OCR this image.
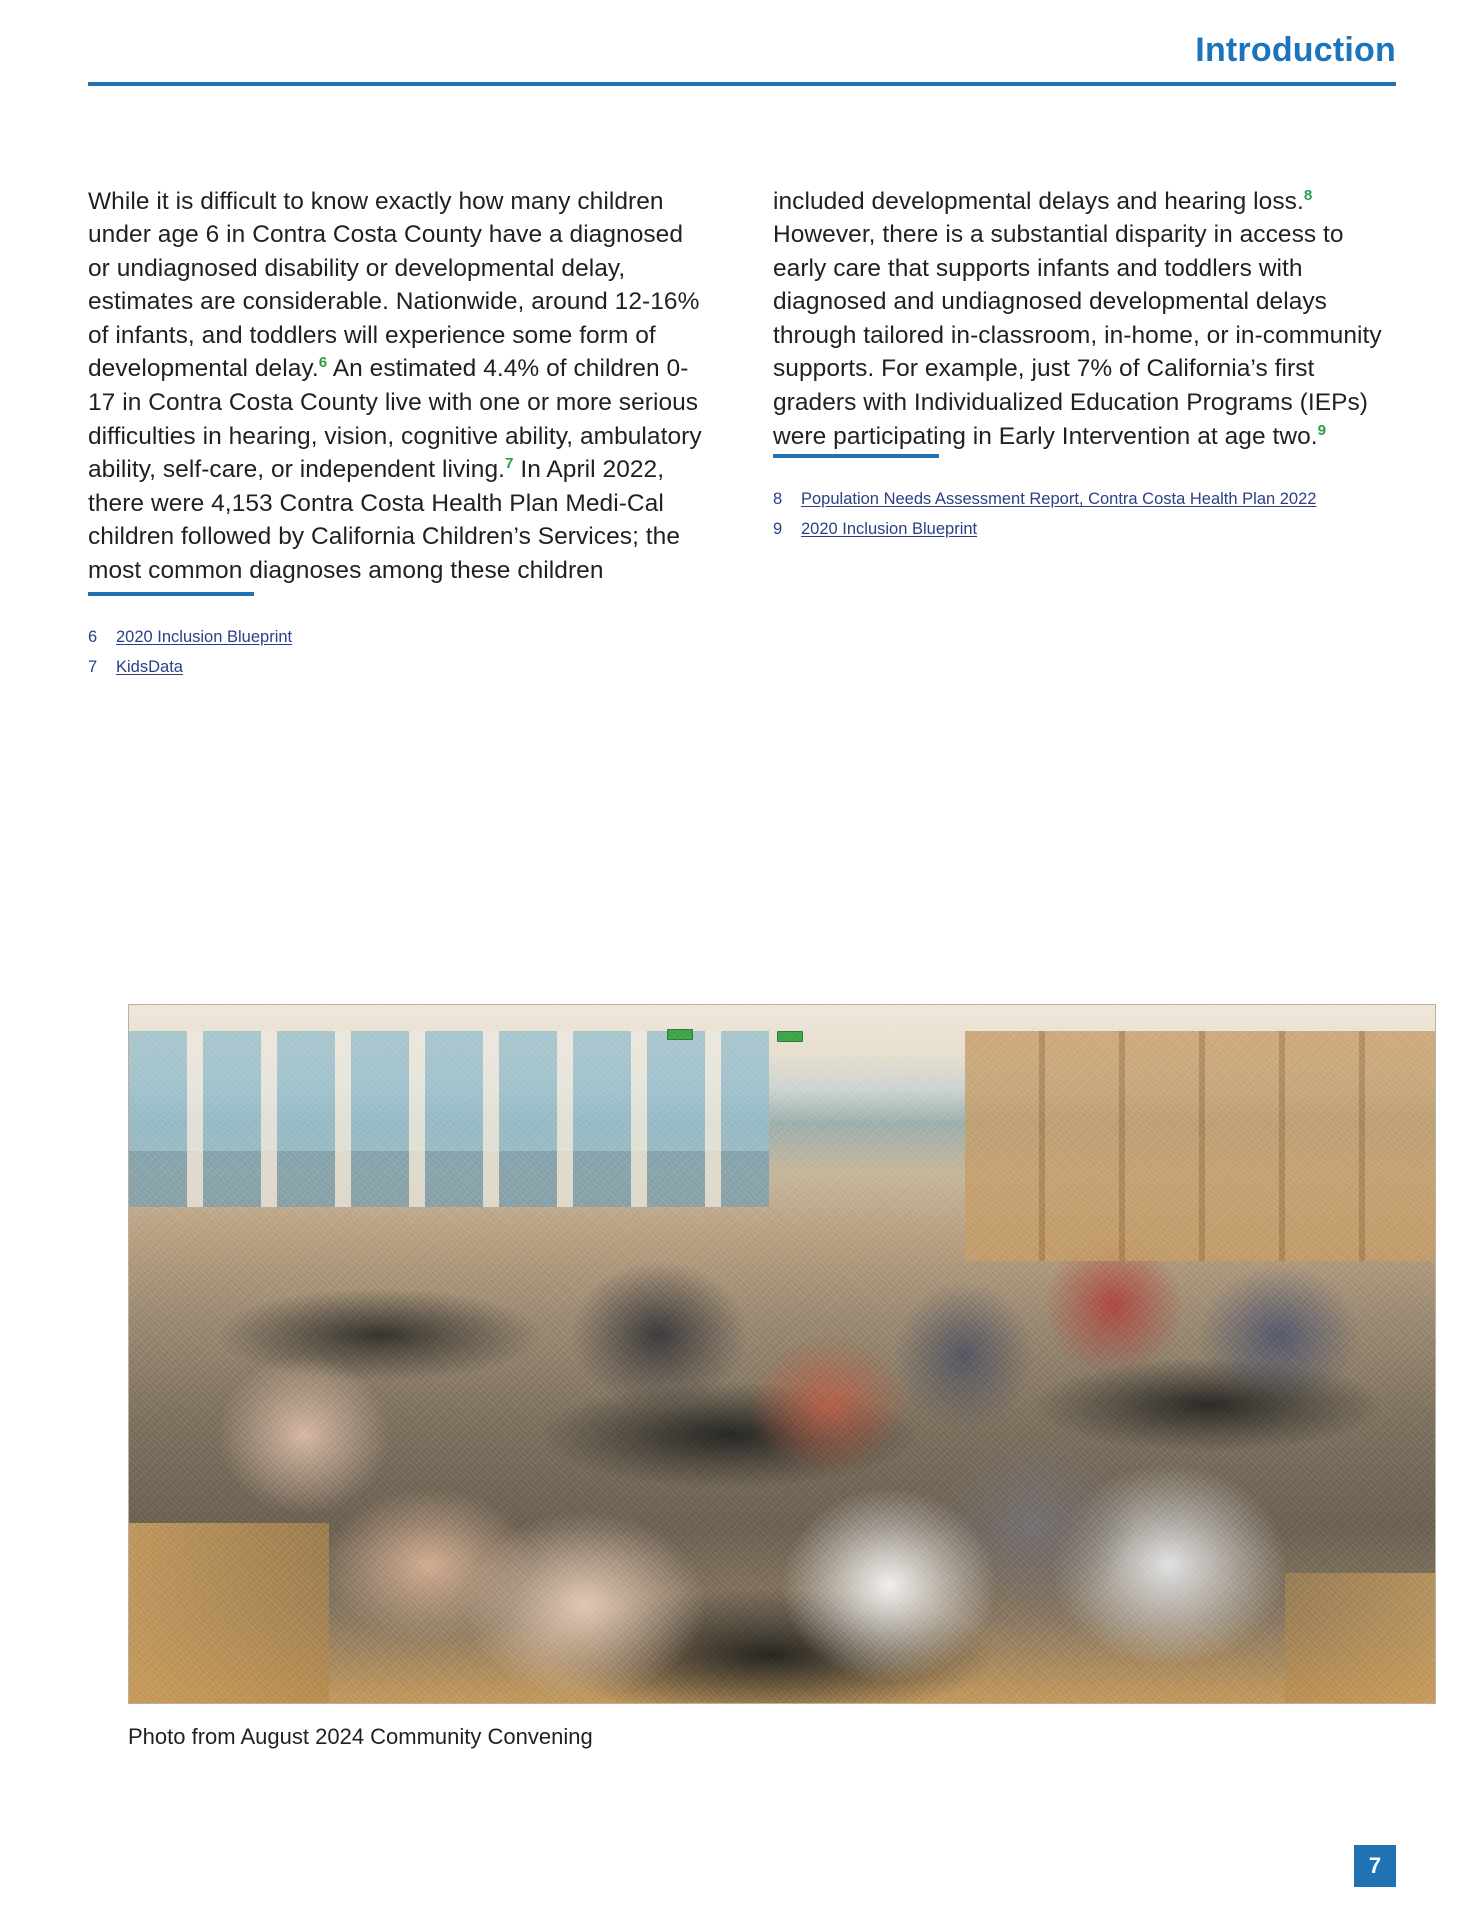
Introduction

While it is difficult to know exactly how many children under age 6 in Contra Costa County have a diagnosed or undiagnosed disability or developmental delay, estimates are considerable. Nationwide, around 12-16% of infants, and toddlers will experience some form of developmental delay.$^6$ An estimated 4.4% of children 0-17 in Contra Costa County live with one or more serious difficulties in hearing, vision, cognitive ability, ambulatory ability, self-care, or independent living.$^7$ In April 2022, there were 4,153 Contra Costa Health Plan Medi-Cal children followed by California Children’s Services; the most common diagnoses among these children

6	2020 Inclusion Blueprint
7	KidsData

included developmental delays and hearing loss.$^8$ However, there is a substantial disparity in access to early care that supports infants and toddlers with diagnosed and undiagnosed developmental delays through tailored in-classroom, in-home, or in-community supports. For example, just 7% of California’s first graders with Individualized Education Programs (IEPs) were participating in Early Intervention at age two.$^9$

8	Population Needs Assessment Report, Contra Costa Health Plan 2022
9	2020 Inclusion Blueprint
Photo from August 2024 Community Convening
7
